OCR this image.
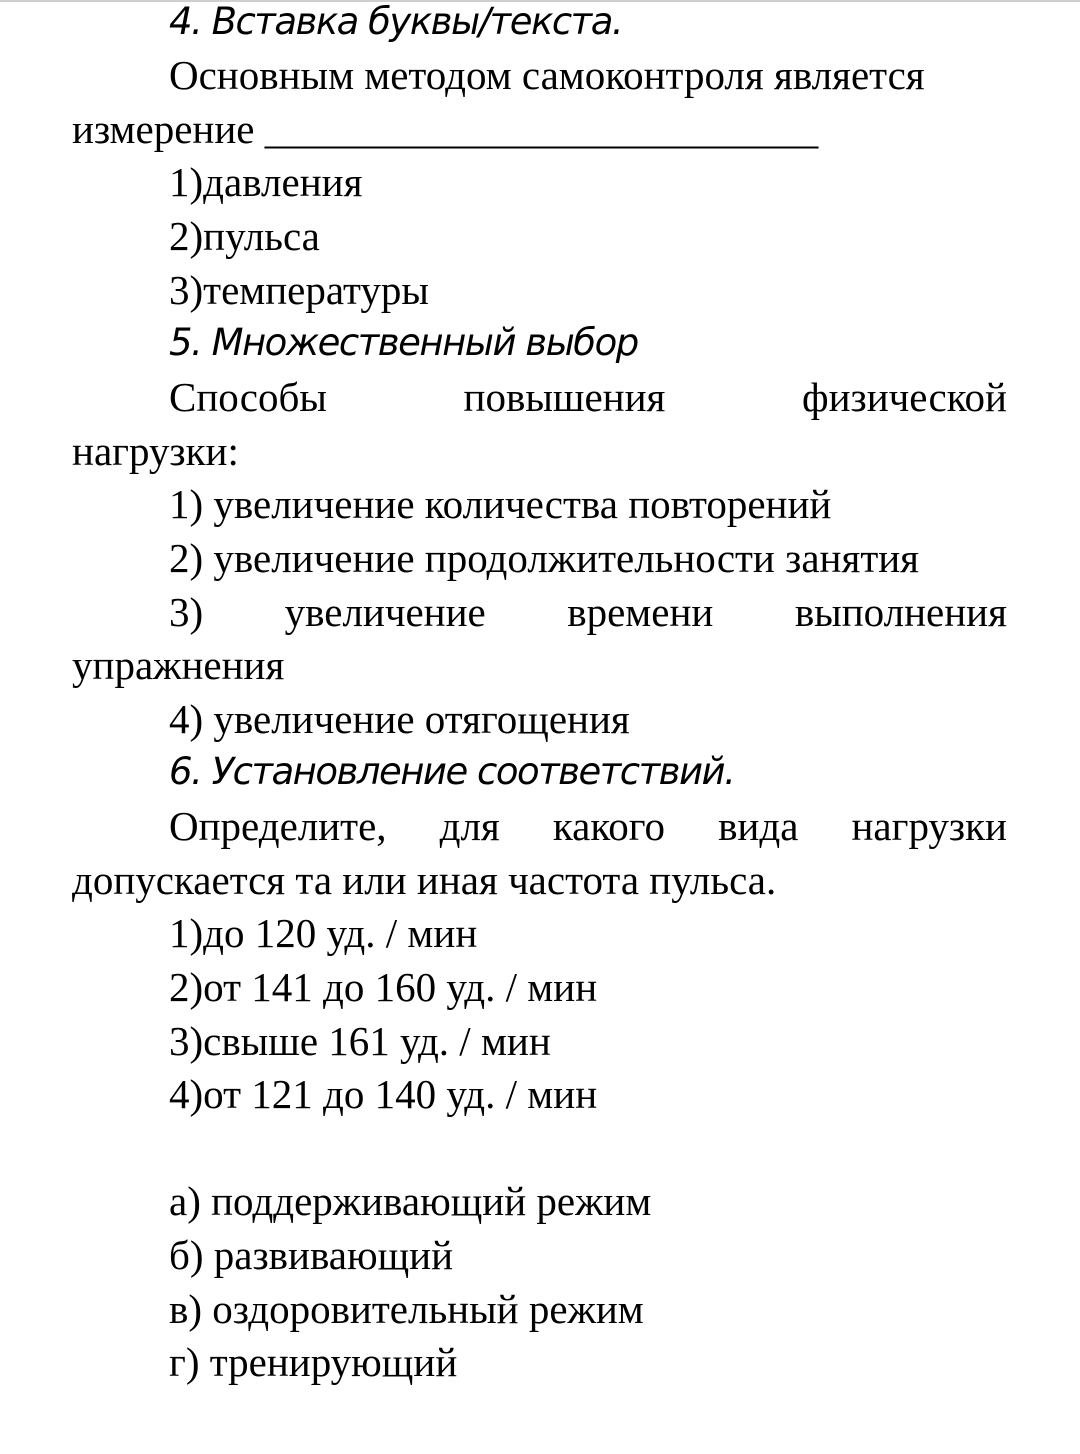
4. Вставка буквы/текста.
Основным методом самоконтроля является
измерение ___________________________
1)давления
2)пульса
3)температуры
5. Множественный выбор
Способы	повышения	физической
нагрузки:
1) увеличение количества повторений
2) увеличение продолжительности занятия
3) увеличение времени выполнения
упражнения
4) увеличение отягощения
6. Установление соответствий.
Определите, для какого вида нагрузки
допускается та или иная частота пульса.
1)до 120 уд. / мин
2)от 141 до 160 уд. / мин
3)свыше 161 уд. / мин
4)от 121 до 140 уд. / мин
а) поддерживающий режим
б) развивающий
в) оздоровительный режим
г) тренирующий
